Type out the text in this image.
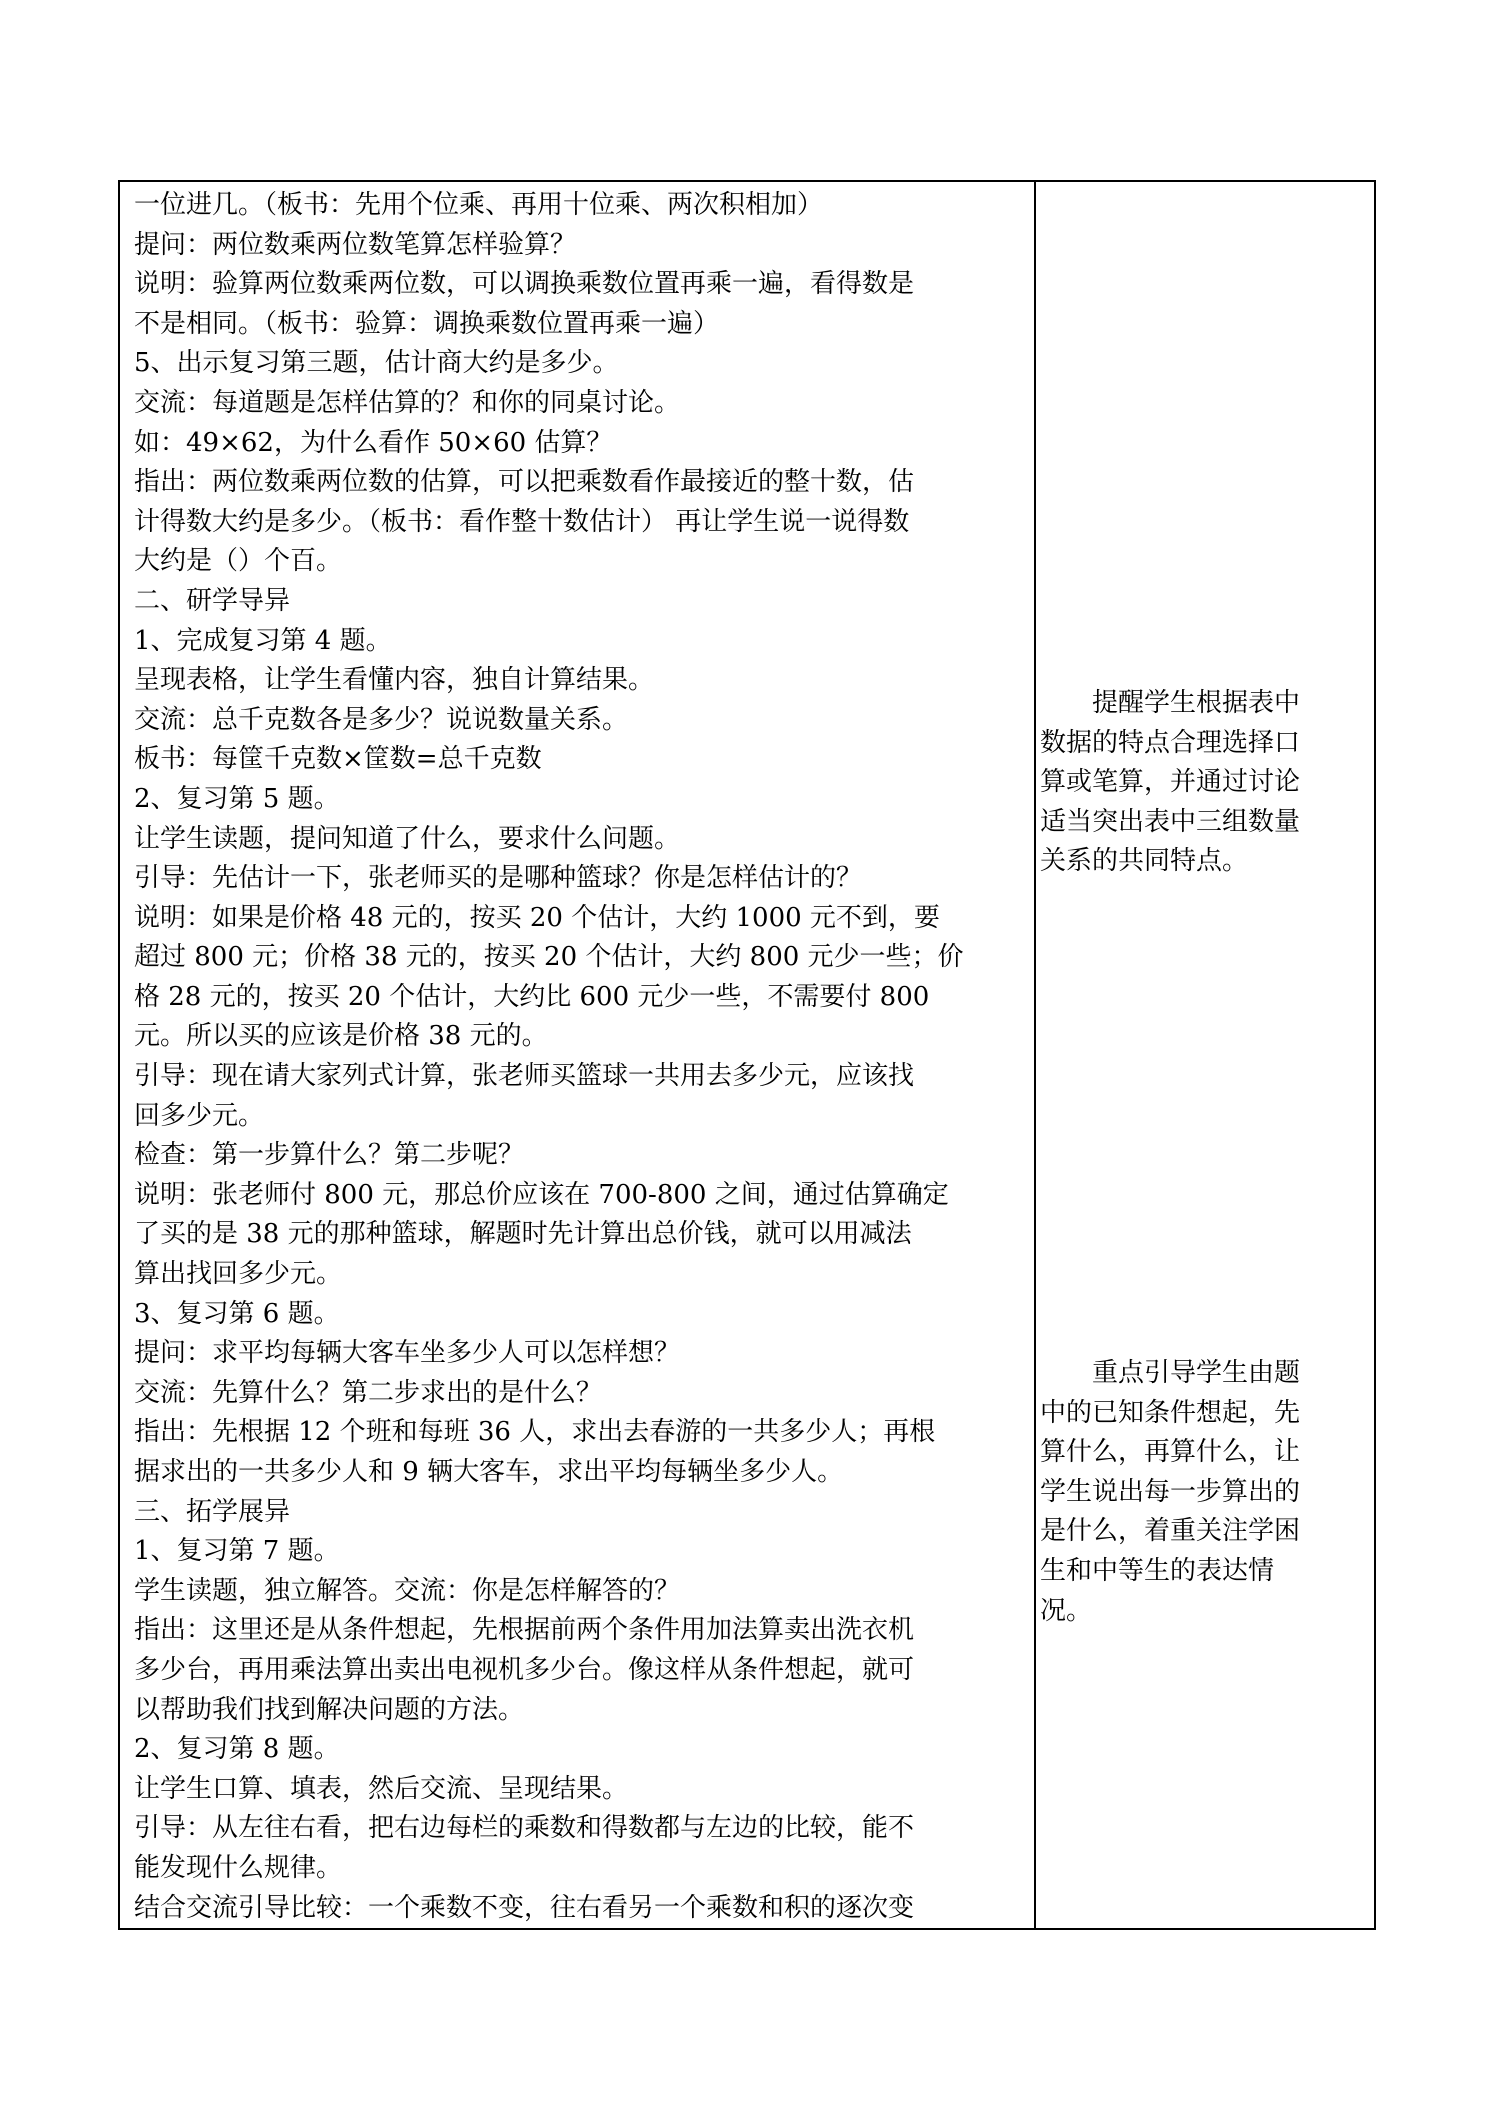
一位进几。（板书：先用个位乘、再用十位乘、两次积相加）
提问：两位数乘两位数笔算怎样验算？
说明：验算两位数乘两位数，可以调换乘数位置再乘一遍，看得数是
不是相同。（板书：验算：调换乘数位置再乘一遍）
5、出示复习第三题，估计商大约是多少。
交流：每道题是怎样估算的？和你的同桌讨论。
如：49×62，为什么看作 50×60 估算？
指出：两位数乘两位数的估算，可以把乘数看作最接近的整十数，估
计得数大约是多少。（板书：看作整十数估计） 再让学生说一说得数
大约是（）个百。
二、研学导异
1、完成复习第 4 题。
呈现表格，让学生看懂内容，独自计算结果。
交流：总千克数各是多少？说说数量关系。
板书：每筐千克数×筐数=总千克数
2、复习第 5 题。
让学生读题，提问知道了什么，要求什么问题。
引导：先估计一下，张老师买的是哪种篮球？你是怎样估计的？
说明：如果是价格 48 元的，按买 20 个估计，大约 1000 元不到，要
超过 800 元；价格 38 元的，按买 20 个估计，大约 800 元少一些；价
格 28 元的，按买 20 个估计，大约比 600 元少一些，不需要付 800
元。所以买的应该是价格 38 元的。
引导：现在请大家列式计算，张老师买篮球一共用去多少元，应该找
回多少元。
检查：第一步算什么？第二步呢？
说明：张老师付 800 元，那总价应该在 700-800 之间，通过估算确定
了买的是 38 元的那种篮球，解题时先计算出总价钱，就可以用减法
算出找回多少元。
3、复习第 6 题。
提问：求平均每辆大客车坐多少人可以怎样想？
交流：先算什么？第二步求出的是什么？
指出：先根据 12 个班和每班 36 人，求出去春游的一共多少人；再根
据求出的一共多少人和 9 辆大客车，求出平均每辆坐多少人。
三、拓学展异
1、复习第 7 题。
学生读题，独立解答。交流：你是怎样解答的？
指出：这里还是从条件想起，先根据前两个条件用加法算卖出洗衣机
多少台，再用乘法算出卖出电视机多少台。像这样从条件想起，就可
以帮助我们找到解决问题的方法。
2、复习第 8 题。
让学生口算、填表，然后交流、呈现结果。
引导：从左往右看，把右边每栏的乘数和得数都与左边的比较，能不
能发现什么规律。
结合交流引导比较：一个乘数不变，往右看另一个乘数和积的逐次变

提醒学生根据表中
数据的特点合理选择口
算或笔算，并通过讨论
适当突出表中三组数量
关系的共同特点。
重点引导学生由题
中的已知条件想起，先
算什么，再算什么，让
学生说出每一步算出的
是什么，着重关注学困
生和中等生的表达情
况。
